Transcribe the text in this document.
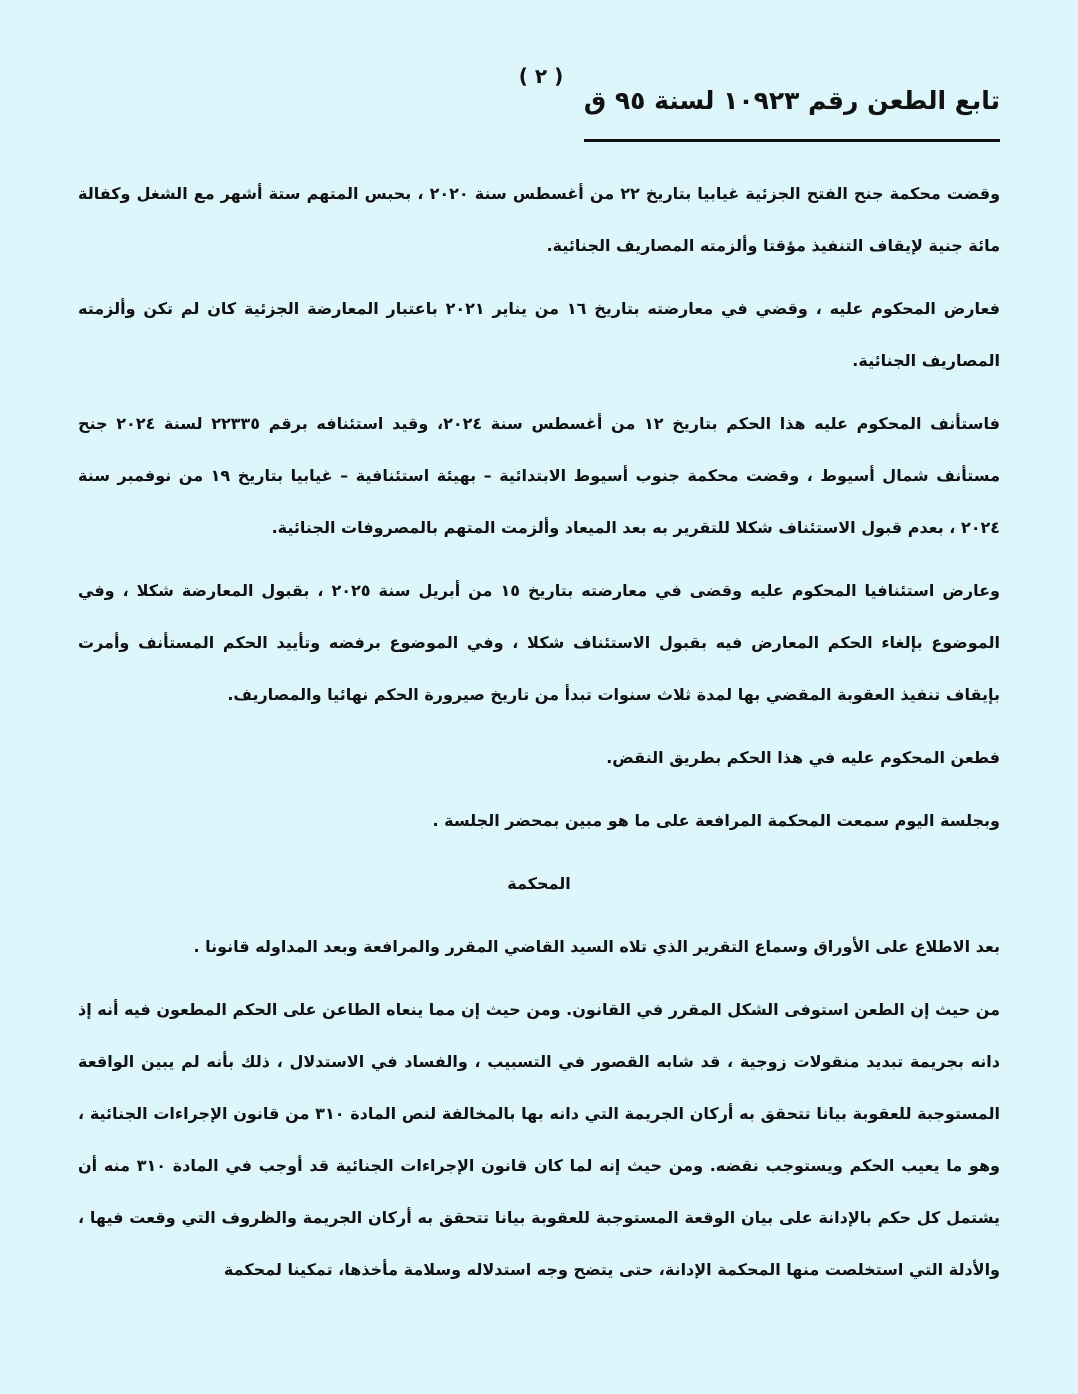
( ٢ )
تابع الطعن رقم ١٠٩٢٣ لسنة ٩٥ ق

وقضت محكمة جنح الفتح الجزئية غيابيا بتاريخ ٢٢ من أغسطس سنة ٢٠٢٠ ، بحبس المتهم ستة أشهر مع الشغل وكفالة مائة جنية لإيقاف التنفيذ مؤقتا وألزمته المصاريف الجنائية.

فعارض المحكوم عليه ، وقضي في معارضته بتاريخ ١٦ من يناير ٢٠٢١ باعتبار المعارضة الجزئية كان لم تكن وألزمته المصاريف الجنائية.

فاستأنف المحكوم عليه هذا الحكم بتاريخ ١٢ من أغسطس سنة ٢٠٢٤، وقيد استئنافه برقم ٢٢٣٣٥ لسنة ٢٠٢٤ جنح مستأنف شمال أسيوط ، وقضت محكمة جنوب أسيوط الابتدائية – بهيئة استئنافية – غيابيا بتاريخ ١٩ من نوفمبر سنة ٢٠٢٤ ، بعدم قبول الاستئناف شكلا للتقرير به بعد الميعاد وألزمت المتهم بالمصروفات الجنائية.

وعارض استئنافيا المحكوم عليه وقضى في معارضته بتاريخ ١٥ من أبريل سنة ٢٠٢٥ ، بقبول المعارضة شكلا ، وفي الموضوع بإلغاء الحكم المعارض فيه بقبول الاستئناف شكلا ، وفي الموضوع برفضه وتأييد الحكم المستأنف وأمرت بإيقاف تنفيذ العقوبة المقضي بها لمدة ثلاث سنوات تبدأ من تاريخ صيرورة الحكم نهائيا والمصاريف.

فطعن المحكوم عليه في هذا الحكم بطريق النقض.

وبجلسة اليوم سمعت المحكمة المرافعة على ما هو مبين بمحضر الجلسة .

المحكمة

بعد الاطلاع على الأوراق وسماع التقرير الذي تلاه السيد القاضي المقرر والمرافعة وبعد المداوله قانونا .

من حيث إن الطعن استوفى الشكل المقرر في القانون. ومن حيث إن مما ينعاه الطاعن على الحكم المطعون فيه أنه إذ دانه بجريمة تبديد منقولات زوجية ، قد شابه القصور في التسبيب ، والفساد في الاستدلال ، ذلك بأنه لم يبين الواقعة المستوجبة للعقوبة بيانا تتحقق به أركان الجريمة التي دانه بها بالمخالفة لنص المادة ٣١٠ من قانون الإجراءات الجنائية ، وهو ما يعيب الحكم ويستوجب نقضه. ومن حيث إنه لما كان قانون الإجراءات الجنائية قد أوجب في المادة ٣١٠ منه أن يشتمل كل حكم بالإدانة على بيان الوقعة المستوجبة للعقوبة بيانا تتحقق به أركان الجريمة والظروف التي وقعت فيها ، والأدلة التي استخلصت منها المحكمة الإدانة، حتى يتضح وجه استدلاله وسلامة مأخذها، تمكينا لمحكمة
